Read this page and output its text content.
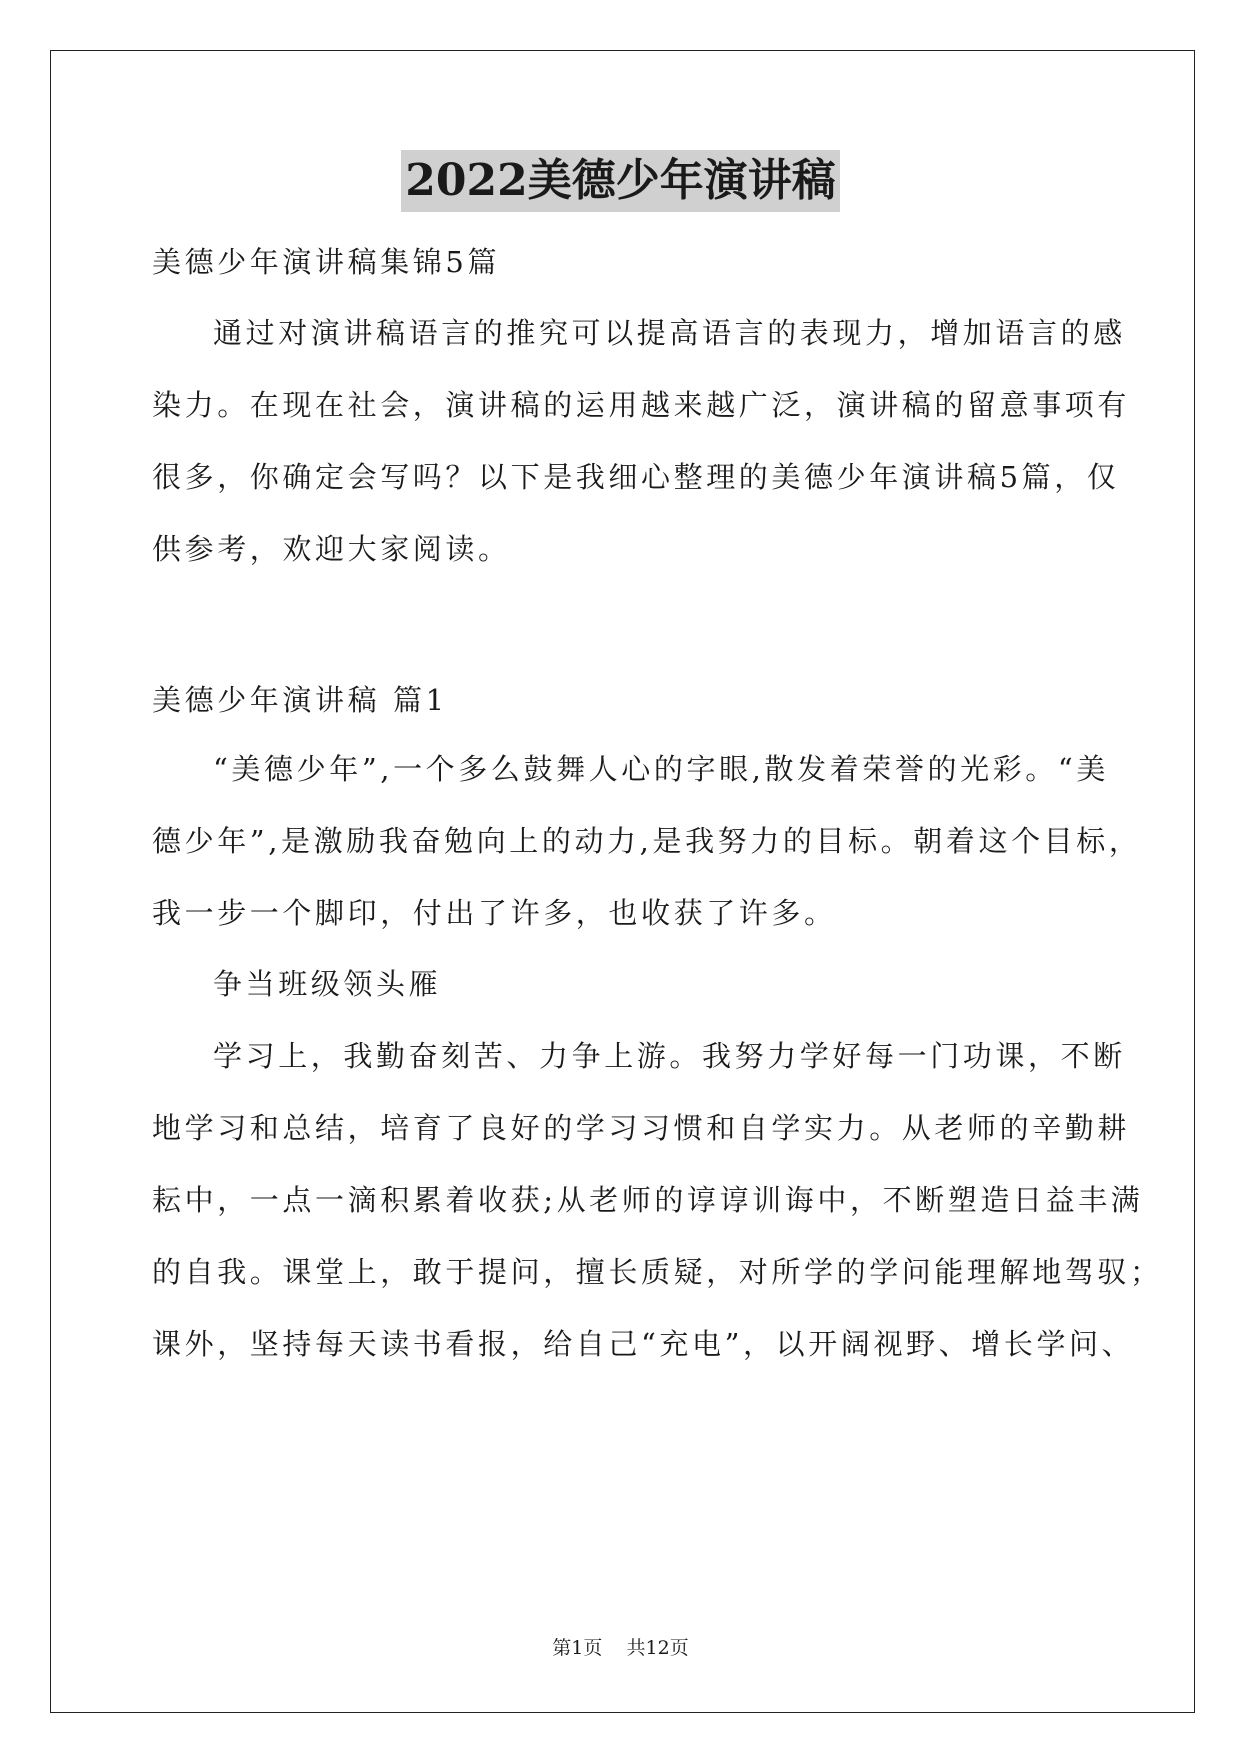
2022美德少年演讲稿
美德少年演讲稿集锦5篇
通过对演讲稿语言的推究可以提高语言的表现力，增加语言的感
染力。在现在社会，演讲稿的运用越来越广泛，演讲稿的留意事项有
很多，你确定会写吗？以下是我细心整理的美德少年演讲稿5篇，仅
供参考，欢迎大家阅读。
美德少年演讲稿 篇1
“美德少年”,一个多么鼓舞人心的字眼,散发着荣誉的光彩。“美
德少年”,是激励我奋勉向上的动力,是我努力的目标。朝着这个目标，
我一步一个脚印，付出了许多，也收获了许多。
争当班级领头雁
学习上，我勤奋刻苦、力争上游。我努力学好每一门功课，不断
地学习和总结，培育了良好的学习习惯和自学实力。从老师的辛勤耕
耘中，一点一滴积累着收获;从老师的谆谆训诲中，不断塑造日益丰满
的自我。课堂上，敢于提问，擅长质疑，对所学的学问能理解地驾驭；
课外，坚持每天读书看报，给自己“充电”，以开阔视野、增长学问、
第1页    共12页
